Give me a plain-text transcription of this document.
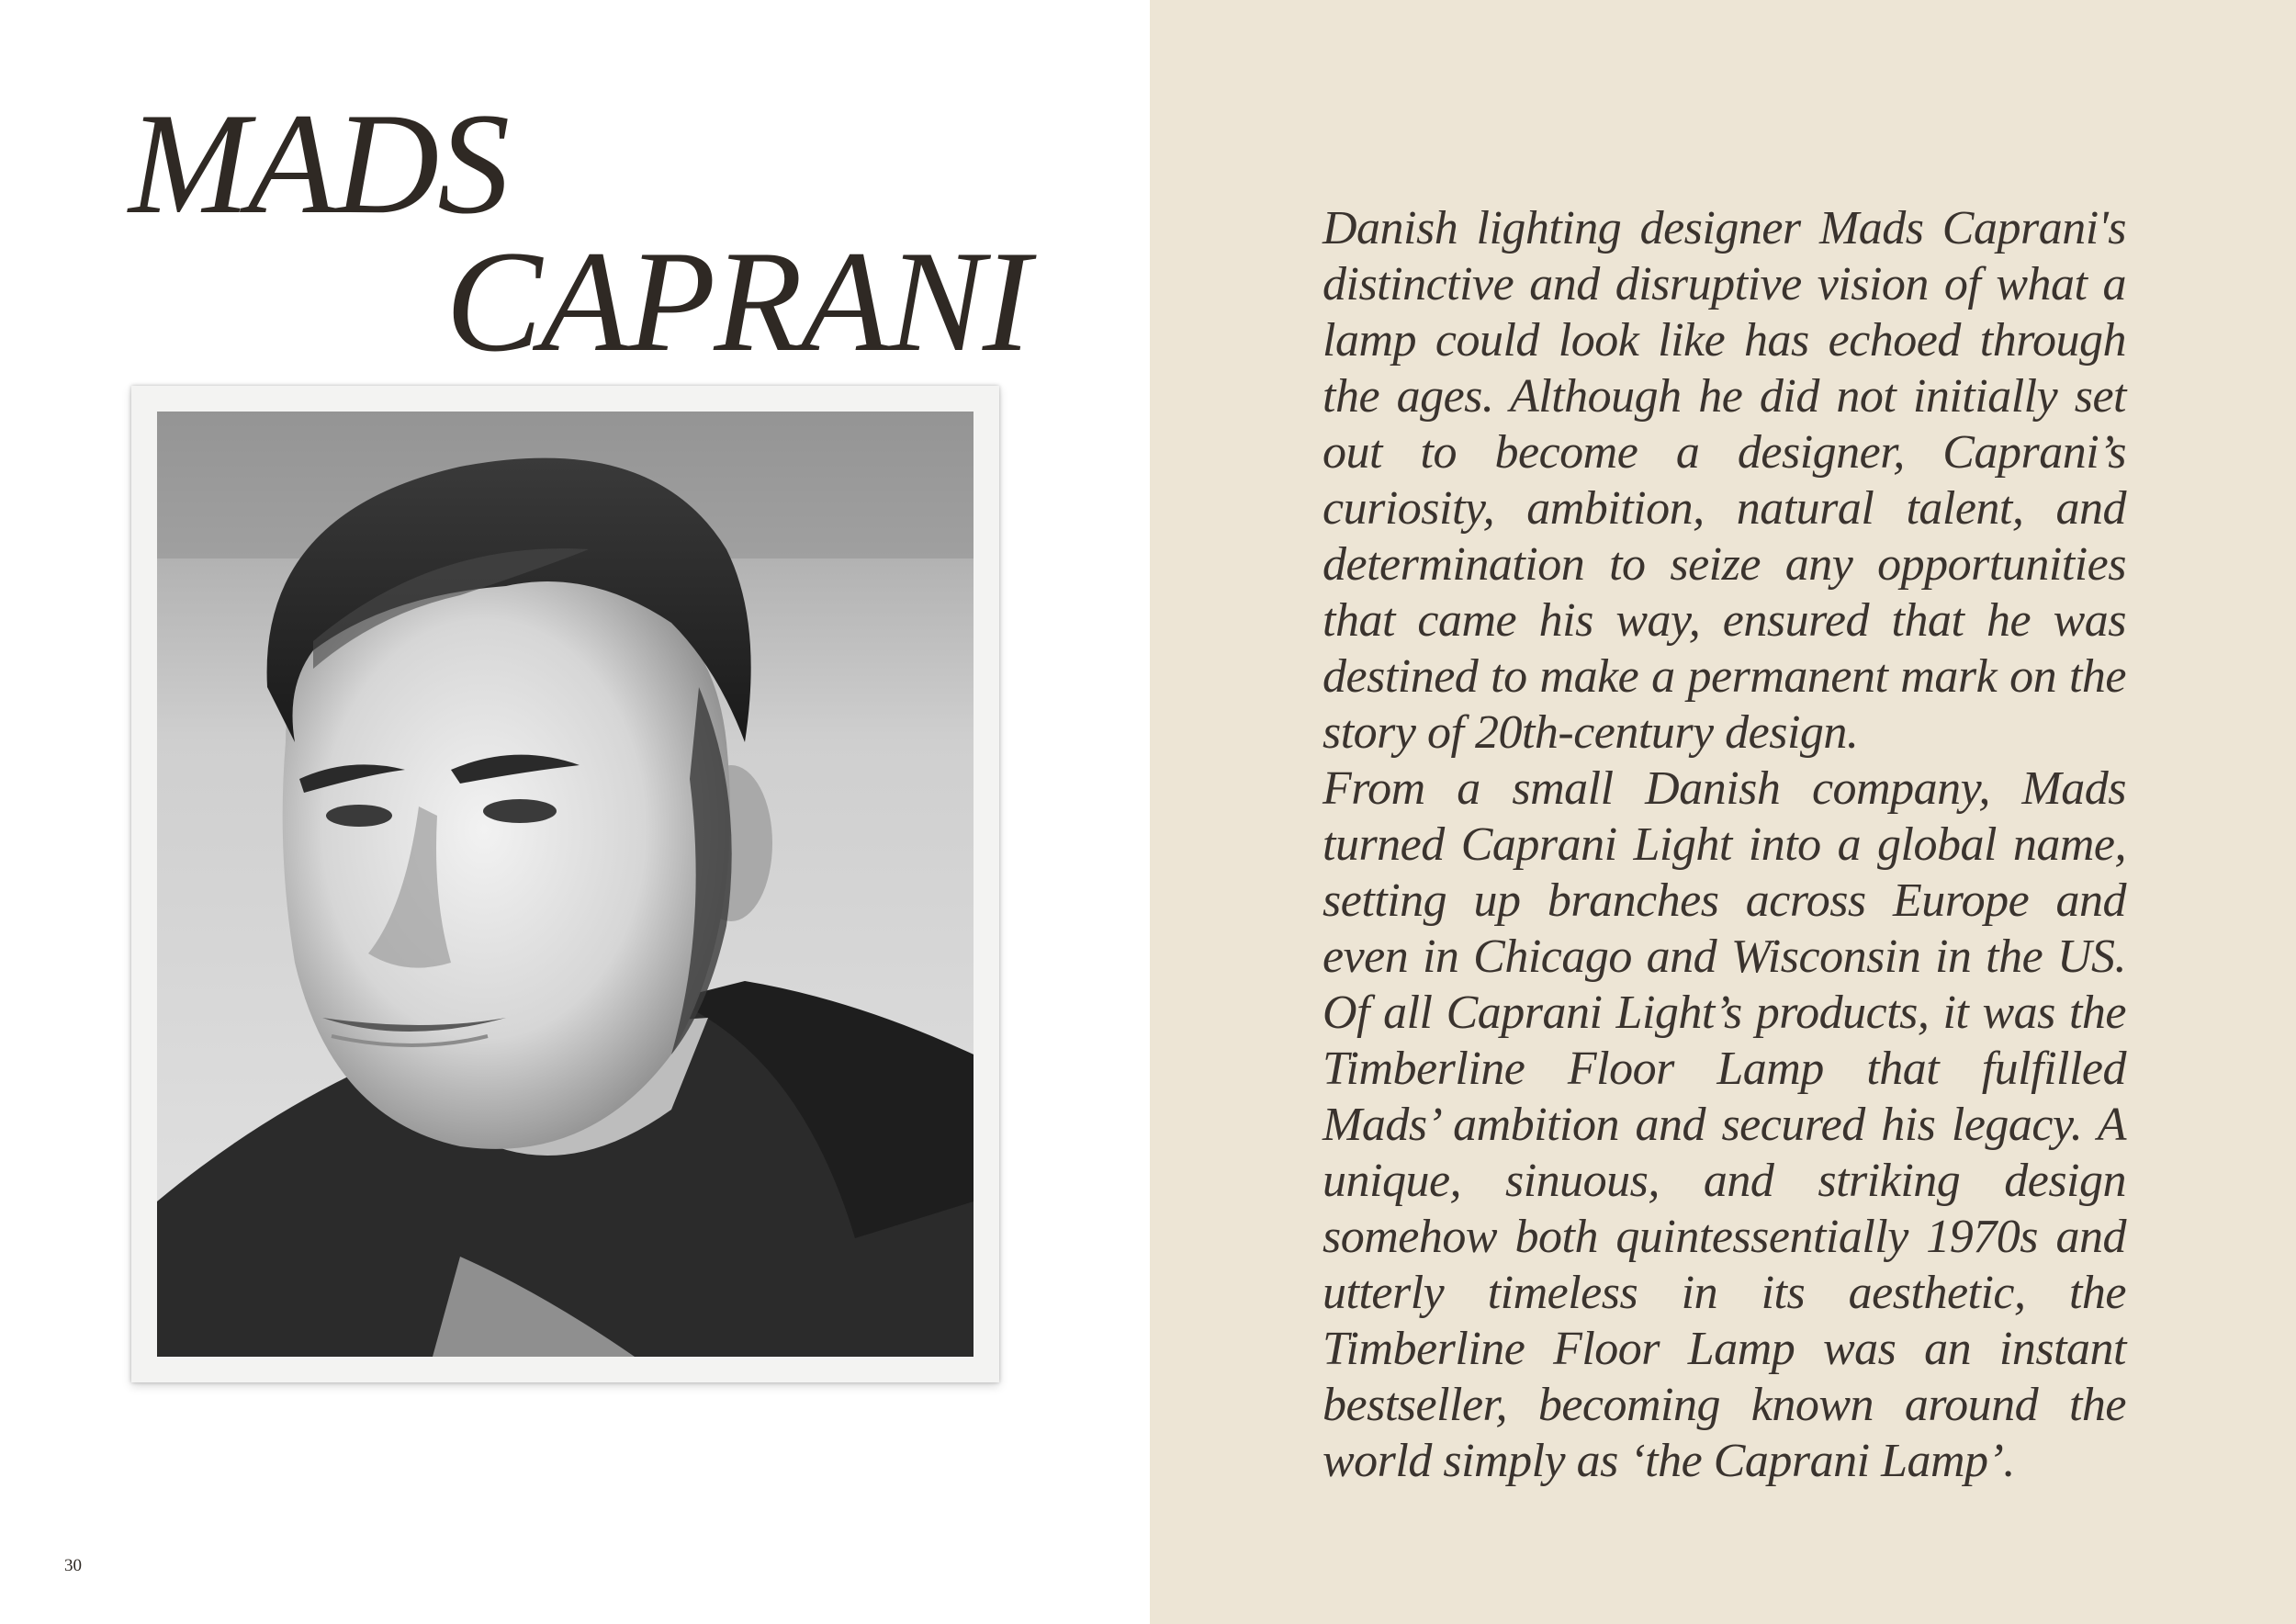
MADS
CAPRANI
30

Danish lighting designer Mads Caprani's distinctive and disruptive vision of what a lamp could look like has echoed through the ages. Although he did not initially set out to become a designer, Caprani’s curiosity, ambition, natural talent, and determination to seize any opportunities that came his way, ensured that he was destined to make a permanent mark on the story of 20th-century design.

From a small Danish company, Mads turned Caprani Light into a global name, setting up branches across Europe and even in Chicago and Wisconsin in the US. Of all Caprani Light’s products, it was the Timberline Floor Lamp that fulfilled Mads’ ambition and secured his legacy. A unique, sinuous, and striking design somehow both quintessentially 1970s and utterly timeless in its aesthetic, the Timberline Floor Lamp was an instant bestseller, becoming known around the world simply as ‘the Caprani Lamp’.
